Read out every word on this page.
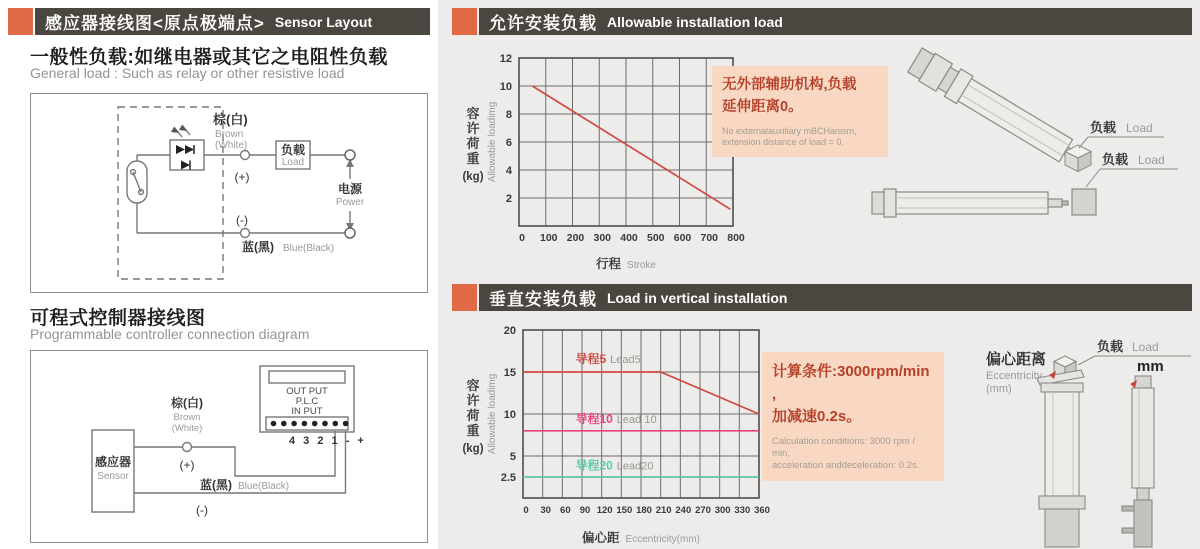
感应器接线图<原点极端点> Sensor Layout
一般性负载:如继电器或其它之电阻性负载
General load : Such as relay or other resistive load
负载
Load
棕(白)
Brown
(White)
(+)
电源
Power
(-)
蓝(黑) Blue(Black)
可程式控制器接线图
Programmable controller connection diagram
感应器
Sensor
OUT PUT
P.L.C
IN PUT
4 3 2 1 - +
棕(白)
Brown
(White)
(+)
蓝(黑) Blue(Black)
(-)
允许安装负载 Allowable installation load
2
4
6
8
10
12
0 100 200 300 400 500 600 700 800
容许荷重
(kg) Allowable loadimg
行程 Stroke
无外部辅助机构,负载
延伸距离0。
No externalauxiliary mBCHanism,
extension distance of load = 0.
负载 Load
负载 Load
垂直安装负载 Load in vertical installation
2.5
5
10
15
20
0 30 60 90 120 150 180 210 240 270 300 330 360
导程5 Lead5
导程10 Lead 10
导程20 Lead20
容许荷重
(kg) Allowable loadimg
偏心距 Eccentricity(mm)
计算条件:3000rpm/min ,
加减速0.2s。
Calculation conditions: 3000 rpm / min,
acceleration anddeceleration: 0.2s.
负载 Load
mm
偏心距离
Eccentricity
(mm)
